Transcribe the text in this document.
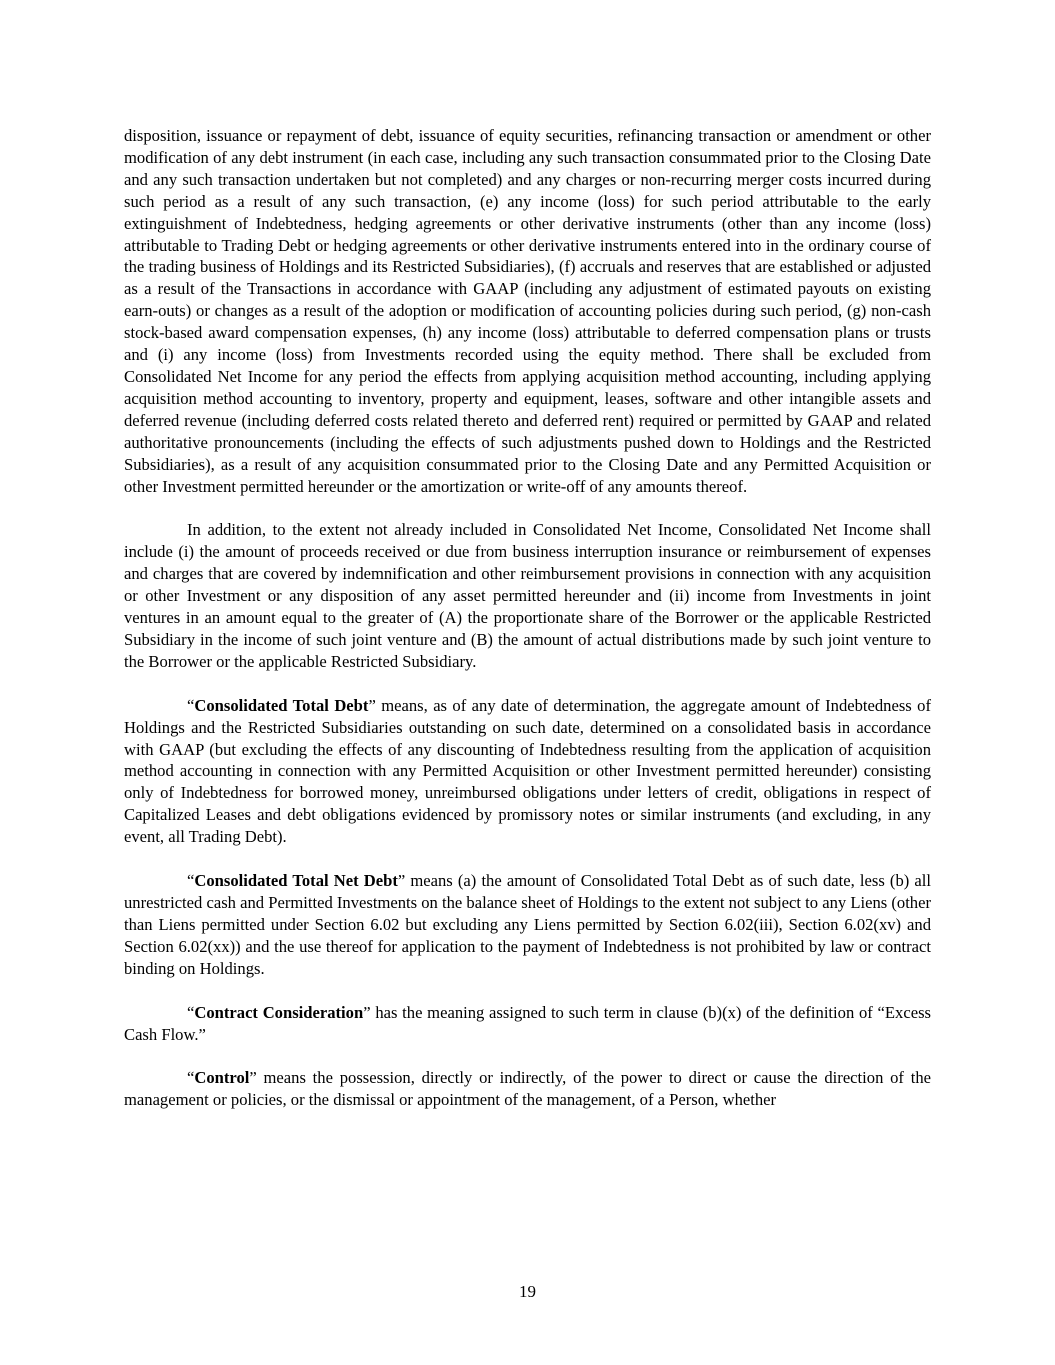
disposition, issuance or repayment of debt, issuance of equity securities, refinancing transaction or amendment or other modification of any debt instrument (in each case, including any such transaction consummated prior to the Closing Date and any such transaction undertaken but not completed) and any charges or non-recurring merger costs incurred during such period as a result of any such transaction, (e) any income (loss) for such period attributable to the early extinguishment of Indebtedness, hedging agreements or other derivative instruments (other than any income (loss) attributable to Trading Debt or hedging agreements or other derivative instruments entered into in the ordinary course of the trading business of Holdings and its Restricted Subsidiaries), (f) accruals and reserves that are established or adjusted as a result of the Transactions in accordance with GAAP (including any adjustment of estimated payouts on existing earn-outs) or changes as a result of the adoption or modification of accounting policies during such period, (g) non-cash stock-based award compensation expenses, (h) any income (loss) attributable to deferred compensation plans or trusts and (i) any income (loss) from Investments recorded using the equity method. There shall be excluded from Consolidated Net Income for any period the effects from applying acquisition method accounting, including applying acquisition method accounting to inventory, property and equipment, leases, software and other intangible assets and deferred revenue (including deferred costs related thereto and deferred rent) required or permitted by GAAP and related authoritative pronouncements (including the effects of such adjustments pushed down to Holdings and the Restricted Subsidiaries), as a result of any acquisition consummated prior to the Closing Date and any Permitted Acquisition or other Investment permitted hereunder or the amortization or write-off of any amounts thereof.

In addition, to the extent not already included in Consolidated Net Income, Consolidated Net Income shall include (i) the amount of proceeds received or due from business interruption insurance or reimbursement of expenses and charges that are covered by indemnification and other reimbursement provisions in connection with any acquisition or other Investment or any disposition of any asset permitted hereunder and (ii) income from Investments in joint ventures in an amount equal to the greater of (A) the proportionate share of the Borrower or the applicable Restricted Subsidiary in the income of such joint venture and (B) the amount of actual distributions made by such joint venture to the Borrower or the applicable Restricted Subsidiary.

“Consolidated Total Debt” means, as of any date of determination, the aggregate amount of Indebtedness of Holdings and the Restricted Subsidiaries outstanding on such date, determined on a consolidated basis in accordance with GAAP (but excluding the effects of any discounting of Indebtedness resulting from the application of acquisition method accounting in connection with any Permitted Acquisition or other Investment permitted hereunder) consisting only of Indebtedness for borrowed money, unreimbursed obligations under letters of credit, obligations in respect of Capitalized Leases and debt obligations evidenced by promissory notes or similar instruments (and excluding, in any event, all Trading Debt).

“Consolidated Total Net Debt” means (a) the amount of Consolidated Total Debt as of such date, less (b) all unrestricted cash and Permitted Investments on the balance sheet of Holdings to the extent not subject to any Liens (other than Liens permitted under Section 6.02 but excluding any Liens permitted by Section 6.02(iii), Section 6.02(xv) and Section 6.02(xx)) and the use thereof for application to the payment of Indebtedness is not prohibited by law or contract binding on Holdings.

“Contract Consideration” has the meaning assigned to such term in clause (b)(x) of the definition of “Excess Cash Flow.”

“Control” means the possession, directly or indirectly, of the power to direct or cause the direction of the management or policies, or the dismissal or appointment of the management, of a Person, whether

19
